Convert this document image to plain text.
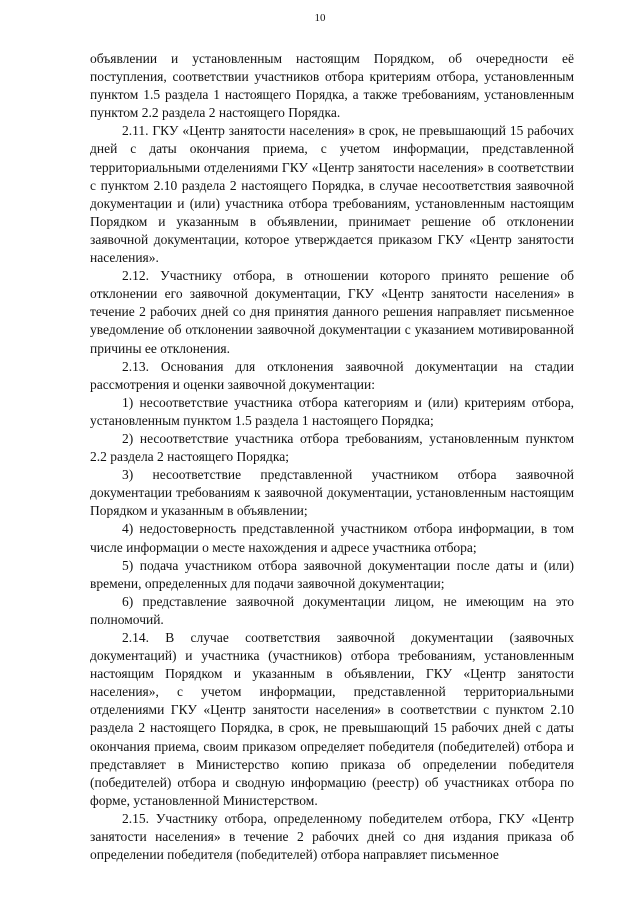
10

объявлении и установленным настоящим Порядком, об очередности её поступления, соответствии участников отбора критериям отбора, установленным пунктом 1.5 раздела 1 настоящего Порядка, а также требованиям, установленным пунктом 2.2 раздела 2 настоящего Порядка.

2.11. ГКУ «Центр занятости населения» в срок, не превышающий 15 рабочих дней с даты окончания приема, с учетом информации, представленной территориальными отделениями ГКУ «Центр занятости населения» в соответствии с пунктом 2.10 раздела 2 настоящего Порядка, в случае несоответствия заявочной документации и (или) участника отбора требованиям, установленным настоящим Порядком и указанным в объявлении, принимает решение об отклонении заявочной документации, которое утверждается приказом ГКУ «Центр занятости населения».

2.12. Участнику отбора, в отношении которого принято решение об отклонении его заявочной документации, ГКУ «Центр занятости населения» в течение 2 рабочих дней со дня принятия данного решения направляет письменное уведомление об отклонении заявочной документации с указанием мотивированной причины ее отклонения.

2.13. Основания для отклонения заявочной документации на стадии рассмотрения и оценки заявочной документации:

1) несоответствие участника отбора категориям и (или) критериям отбора, установленным пунктом 1.5 раздела 1 настоящего Порядка;

2) несоответствие участника отбора требованиям, установленным пунктом 2.2 раздела 2 настоящего Порядка;

3) несоответствие представленной участником отбора заявочной документации требованиям к заявочной документации, установленным настоящим Порядком и указанным в объявлении;

4) недостоверность представленной участником отбора информации, в том числе информации о месте нахождения и адресе участника отбора;

5) подача участником отбора заявочной документации после даты и (или) времени, определенных для подачи заявочной документации;

6) представление заявочной документации лицом, не имеющим на это полномочий.

2.14. В случае соответствия заявочной документации (заявочных документаций) и участника (участников) отбора требованиям, установленным настоящим Порядком и указанным в объявлении, ГКУ «Центр занятости населения», с учетом информации, представленной территориальными отделениями ГКУ «Центр занятости населения» в соответствии с пунктом 2.10 раздела 2 настоящего Порядка, в срок, не превышающий 15 рабочих дней с даты окончания приема, своим приказом определяет победителя (победителей) отбора и представляет в Министерство копию приказа об определении победителя (победителей) отбора и сводную информацию (реестр) об участниках отбора по форме, установленной Министерством.

2.15. Участнику отбора, определенному победителем отбора, ГКУ «Центр занятости населения» в течение 2 рабочих дней со дня издания приказа об определении победителя (победителей) отбора направляет письменное
